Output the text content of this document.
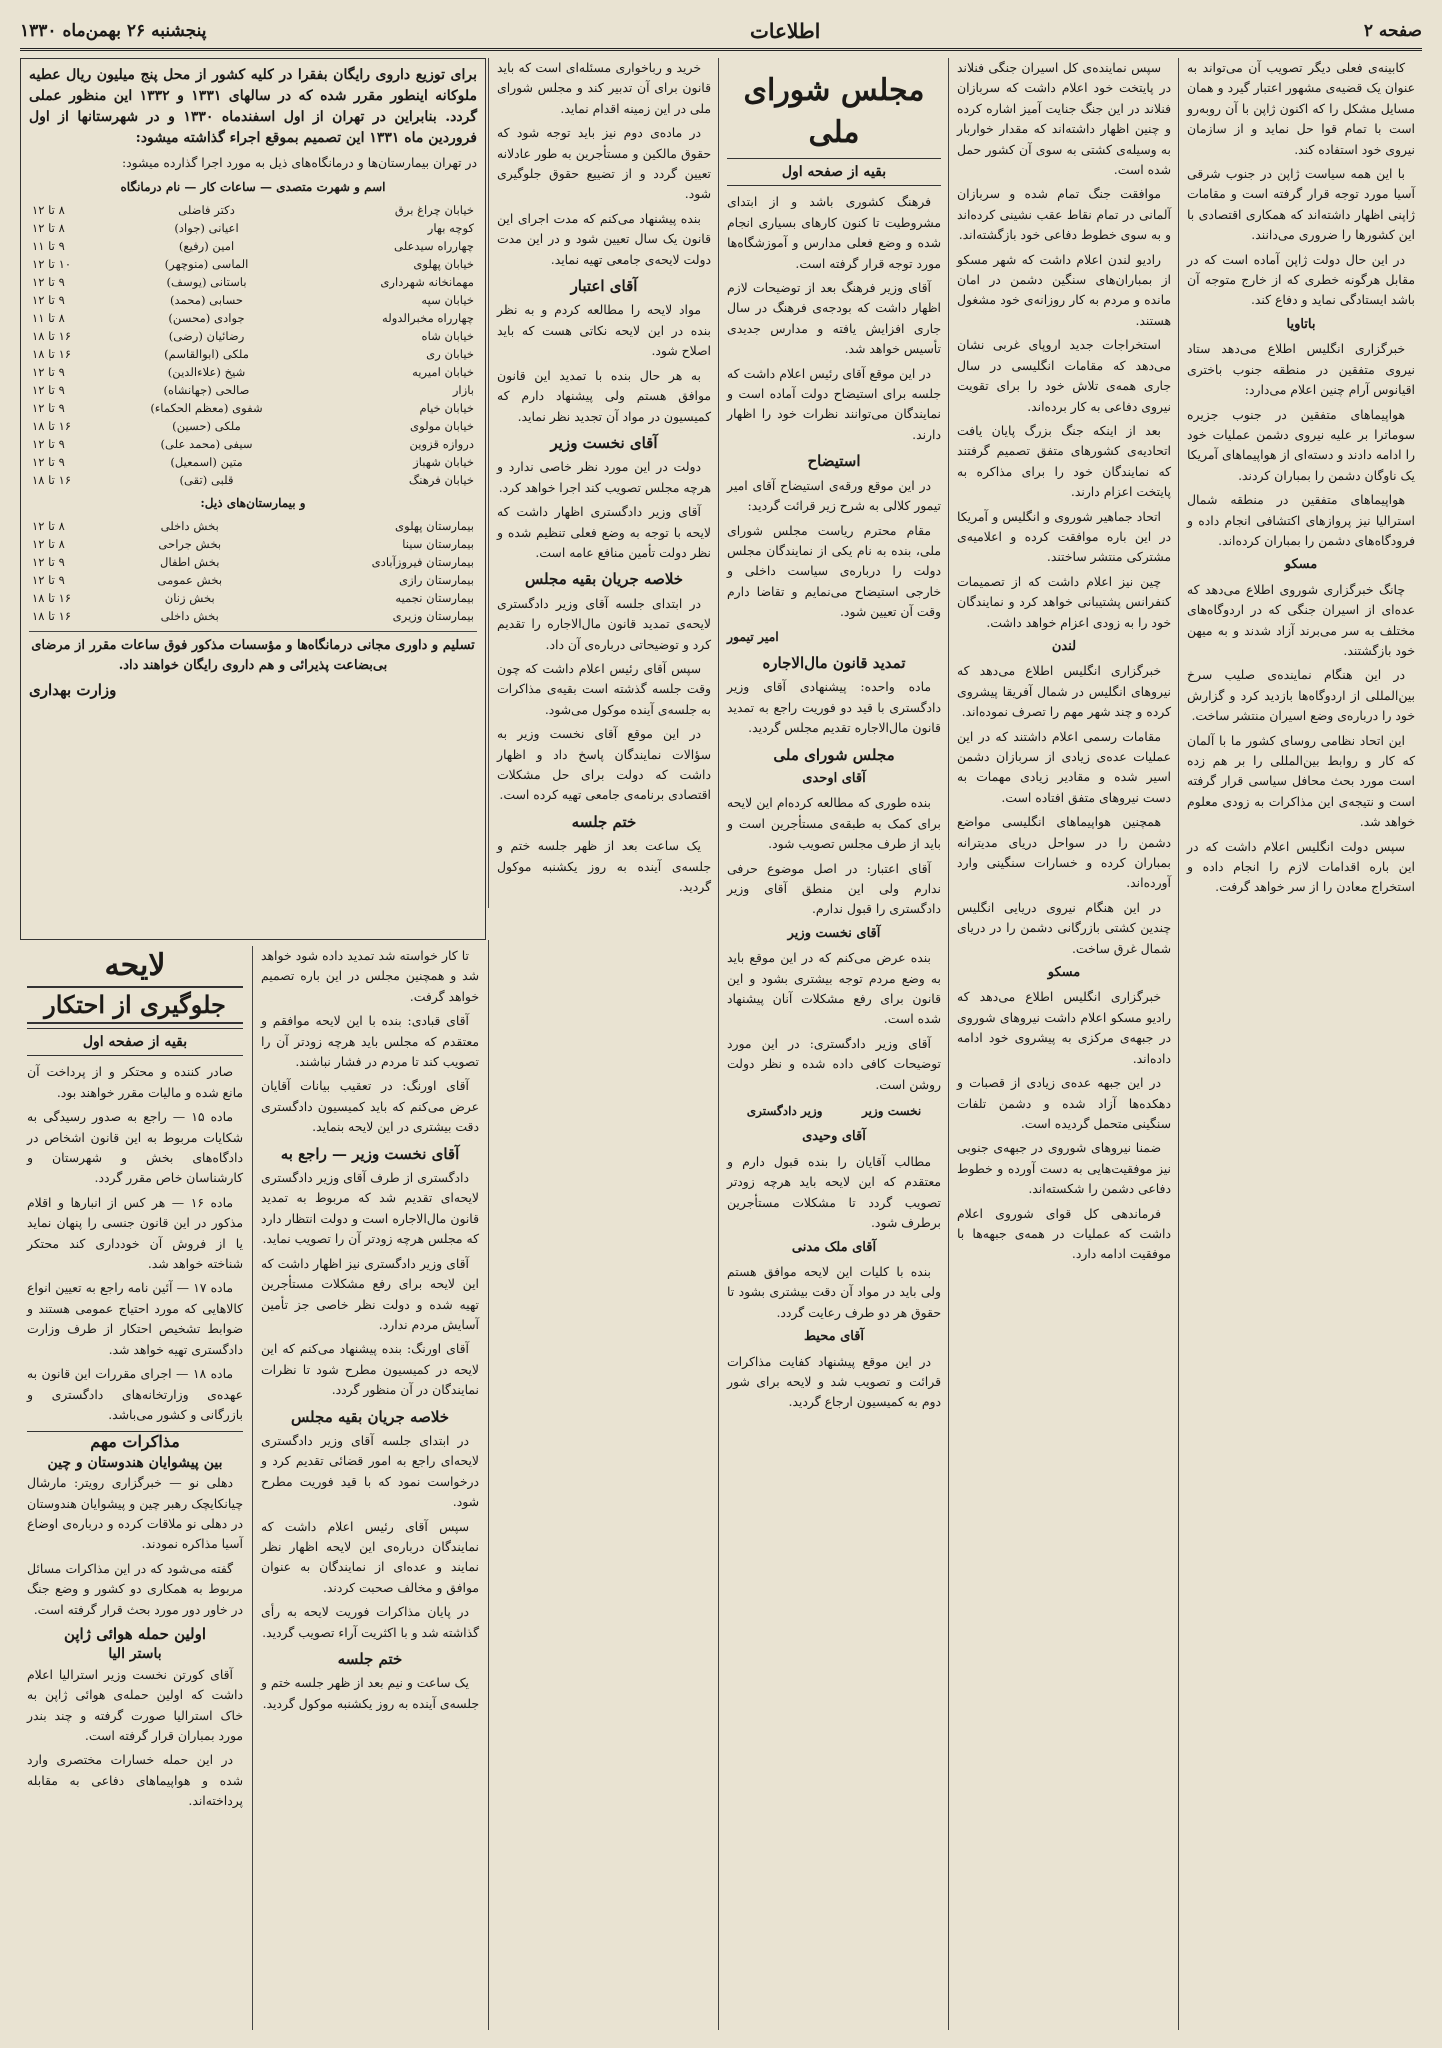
صفحه ۲
اطلاعات
پنجشنبه ۲۶ بهمن‌ماه ۱۳۳۰

کابینه‌ی فعلی دیگر تصویب آن می‌تواند به عنوان یک قضیه‌ی مشهور اعتبار گیرد و همان مسایل مشکل را که اکنون ژاپن با آن روبه‌رو است با تمام قوا حل نماید و از سازمان نیروی خود استفاده کند.

با این همه سیاست ژاپن در جنوب شرقی آسیا مورد توجه قرار گرفته است و مقامات ژاپنی اظهار داشته‌اند که همکاری اقتصادی با این کشورها را ضروری می‌دانند.

در این حال دولت ژاپن آماده است که در مقابل هرگونه خطری که از خارج متوجه آن باشد ایستادگی نماید و دفاع کند.

باتاویا

خبرگزاری انگلیس اطلاع می‌دهد ستاد نیروی متفقین در منطقه جنوب باختری اقیانوس آرام چنین اعلام می‌دارد:

هواپیماهای متفقین در جنوب جزیره سوماترا بر علیه نیروی دشمن عملیات خود را ادامه دادند و دسته‌ای از هواپیماهای آمریکا یک ناوگان دشمن را بمباران کردند.

هواپیماهای متفقین در منطقه شمال استرالیا نیز پروازهای اکتشافی انجام داده و فرودگاه‌های دشمن را بمباران کرده‌اند.

مسکو

چانگ خبرگزاری شوروی اطلاع می‌دهد که عده‌ای از اسیران جنگی که در اردوگاه‌های مختلف به سر می‌برند آزاد شدند و به میهن خود بازگشتند.

در این هنگام نماینده‌ی صلیب سرخ بین‌المللی از اردوگاه‌ها بازدید کرد و گزارش خود را درباره‌ی وضع اسیران منتشر ساخت.

این اتحاد نظامی روسای کشور ما با آلمان که کار و روابط بین‌المللی را بر هم زده است مورد بحث محافل سیاسی قرار گرفته است و نتیجه‌ی این مذاکرات به زودی معلوم خواهد شد.

سپس دولت انگلیس اعلام داشت که در این باره اقدامات لازم را انجام داده و استخراج معادن را از سر خواهد گرفت.

سپس نماینده‌ی کل اسیران جنگی فنلاند در پایتخت خود اعلام داشت که سربازان فنلاند در این جنگ جنایت آمیز اشاره کرده و چنین اظهار داشته‌اند که مقدار خواربار به وسیله‌ی کشتی به سوی آن کشور حمل شده است.

موافقت جنگ تمام شده و سربازان آلمانی در تمام نقاط عقب نشینی کرده‌اند و به سوی خطوط دفاعی خود بازگشته‌اند.

رادیو لندن اعلام داشت که شهر مسکو از بمباران‌های سنگین دشمن در امان مانده و مردم به کار روزانه‌ی خود مشغول هستند.

استخراجات جدید اروپای غربی نشان می‌دهد که مقامات انگلیسی در سال جاری همه‌ی تلاش خود را برای تقویت نیروی دفاعی به کار برده‌اند.

بعد از اینکه جنگ بزرگ پایان یافت اتحادیه‌ی کشورهای متفق تصمیم گرفتند که نمایندگان خود را برای مذاکره به پایتخت اعزام دارند.

اتحاد جماهیر شوروی و انگلیس و آمریکا در این باره موافقت کرده و اعلامیه‌ی مشترکی منتشر ساختند.

چین نیز اعلام داشت که از تصمیمات کنفرانس پشتیبانی خواهد کرد و نمایندگان خود را به زودی اعزام خواهد داشت.

لندن

خبرگزاری انگلیس اطلاع می‌دهد که نیروهای انگلیس در شمال آفریقا پیشروی کرده و چند شهر مهم را تصرف نموده‌اند.

مقامات رسمی اعلام داشتند که در این عملیات عده‌ی زیادی از سربازان دشمن اسیر شده و مقادیر زیادی مهمات به دست نیروهای متفق افتاده است.

همچنین هواپیماهای انگلیسی مواضع دشمن را در سواحل دریای مدیترانه بمباران کرده و خسارات سنگینی وارد آورده‌اند.

در این هنگام نیروی دریایی انگلیس چندین کشتی بازرگانی دشمن را در دریای شمال غرق ساخت.

مسکو

خبرگزاری انگلیس اطلاع می‌دهد که رادیو مسکو اعلام داشت نیروهای شوروی در جبهه‌ی مرکزی به پیشروی خود ادامه داده‌اند.

در این جبهه عده‌ی زیادی از قصبات و دهکده‌ها آزاد شده و دشمن تلفات سنگینی متحمل گردیده است.

ضمنا نیروهای شوروی در جبهه‌ی جنوبی نیز موفقیت‌هایی به دست آورده و خطوط دفاعی دشمن را شکسته‌اند.

فرماندهی کل قوای شوروی اعلام داشت که عملیات در همه‌ی جبهه‌ها با موفقیت ادامه دارد.

مجلس شورای ملی
بقیه از صفحه اول

فرهنگ کشوری باشد و از ابتدای مشروطیت تا کنون کارهای بسیاری انجام شده و وضع فعلی مدارس و آموزشگاه‌ها مورد توجه قرار گرفته است.

آقای وزیر فرهنگ بعد از توضیحات لازم اظهار داشت که بودجه‌ی فرهنگ در سال جاری افزایش یافته و مدارس جدیدی تأسیس خواهد شد.

در این موقع آقای رئیس اعلام داشت که جلسه برای استیضاح دولت آماده است و نمایندگان می‌توانند نظرات خود را اظهار دارند.

استیضاح

در این موقع ورقه‌ی استیضاح آقای امیر تیمور کلالی به شرح زیر قرائت گردید:

مقام محترم ریاست مجلس شورای ملی، بنده به نام یکی از نمایندگان مجلس دولت را درباره‌ی سیاست داخلی و خارجی استیضاح می‌نمایم و تقاضا دارم وقت آن تعیین شود.

امیر تیمور

تمدید قانون مال‌الاجاره

ماده واحده: پیشنهادی آقای وزیر دادگستری با قید دو فوریت راجع به تمدید قانون مال‌الاجاره تقدیم مجلس گردید.

مجلس شورای ملی
آقای اوحدی

بنده طوری که مطالعه کرده‌ام این لایحه برای کمک به طبقه‌ی مستأجرین است و باید از طرف مجلس تصویب شود.

آقای اعتبار: در اصل موضوع حرفی ندارم ولی این منطق آقای وزیر دادگستری را قبول ندارم.

آقای نخست وزیر

بنده عرض می‌کنم که در این موقع باید به وضع مردم توجه بیشتری بشود و این قانون برای رفع مشکلات آنان پیشنهاد شده است.

آقای وزیر دادگستری: در این مورد توضیحات کافی داده شده و نظر دولت روشن است.

نخست وزیر
وزیر دادگستری
آقای وحیدی

مطالب آقایان را بنده قبول دارم و معتقدم که این لایحه باید هرچه زودتر تصویب گردد تا مشکلات مستأجرین برطرف شود.

آقای ملک مدنی

بنده با کلیات این لایحه موافق هستم ولی باید در مواد آن دقت بیشتری بشود تا حقوق هر دو طرف رعایت گردد.

آقای محیط

در این موقع پیشنهاد کفایت مذاکرات قرائت و تصویب شد و لایحه برای شور دوم به کمیسیون ارجاع گردید.

خرید و رباخواری مسئله‌ای است که باید قانون برای آن تدبیر کند و مجلس شورای ملی در این زمینه اقدام نماید.

در ماده‌ی دوم نیز باید توجه شود که حقوق مالکین و مستأجرین به طور عادلانه تعیین گردد و از تضییع حقوق جلوگیری شود.

بنده پیشنهاد می‌کنم که مدت اجرای این قانون یک سال تعیین شود و در این مدت دولت لایحه‌ی جامعی تهیه نماید.

آقای اعتبار

مواد لایحه را مطالعه کردم و به نظر بنده در این لایحه نکاتی هست که باید اصلاح شود.

به هر حال بنده با تمدید این قانون موافق هستم ولی پیشنهاد دارم که کمیسیون در مواد آن تجدید نظر نماید.

آقای نخست وزیر

دولت در این مورد نظر خاصی ندارد و هرچه مجلس تصویب کند اجرا خواهد کرد.

آقای وزیر دادگستری اظهار داشت که لایحه با توجه به وضع فعلی تنظیم شده و نظر دولت تأمین منافع عامه است.

خلاصه جریان بقیه مجلس

در ابتدای جلسه آقای وزیر دادگستری لایحه‌ی تمدید قانون مال‌الاجاره را تقدیم کرد و توضیحاتی درباره‌ی آن داد.

سپس آقای رئیس اعلام داشت که چون وقت جلسه گذشته است بقیه‌ی مذاکرات به جلسه‌ی آینده موکول می‌شود.

در این موقع آقای نخست وزیر به سؤالات نمایندگان پاسخ داد و اظهار داشت که دولت برای حل مشکلات اقتصادی برنامه‌ی جامعی تهیه کرده است.

ختم جلسه

یک ساعت بعد از ظهر جلسه ختم و جلسه‌ی آینده به روز یکشنبه موکول گردید.

برای توزیع داروی رایگان بفقرا در کلیه کشور از محل پنج میلیون ریال عطیه ملوکانه اینطور مقرر شده که در سالهای ۱۳۳۱ و ۱۳۳۲ این منظور عملی گردد. بنابراین در تهران از اول اسفندماه ۱۳۳۰ و در شهرستانها از اول فروردین ماه ۱۳۳۱ این تصمیم بموقع اجراء گذاشته میشود:
در تهران بیمارستان‌ها و درمانگاه‌های ذیل به مورد اجرا گذارده میشود:
اسم و شهرت متصدی — ساعات کار — نام درمانگاه
خیابان چراغ برق	دکتر فاضلی	۸ تا ۱۲
کوچه بهار	اعیانی (جواد)	۸ تا ۱۲
چهارراه سیدعلی	امین (رفیع)	۹ تا ۱۱
خیابان پهلوی	الماسی (منوچهر)	۱۰ تا ۱۲
مهمانخانه شهرداری	باستانی (یوسف)	۹ تا ۱۲
خیابان سپه	حسابی (محمد)	۹ تا ۱۲
چهارراه مخبرالدوله	جوادی (محسن)	۸ تا ۱۱
خیابان شاه	رضائیان (رضی)	۱۶ تا ۱۸
خیابان ری	ملکی (ابوالقاسم)	۱۶ تا ۱۸
خیابان امیریه	شیخ (علاءالدین)	۹ تا ۱۲
بازار	صالحی (جهانشاه)	۹ تا ۱۲
خیابان خیام	شفوی (معظم الحکماء)	۹ تا ۱۲
خیابان مولوی	ملکی (حسین)	۱۶ تا ۱۸
دروازه قزوین	سیفی (محمد علی)	۹ تا ۱۲
خیابان شهباز	متین (اسمعیل)	۹ تا ۱۲
خیابان فرهنگ	قلبی (تقی)	۱۶ تا ۱۸
و بیمارستان‌های ذیل:
بیمارستان پهلوی	بخش داخلی	۸ تا ۱۲
بیمارستان سینا	بخش جراحی	۸ تا ۱۲
بیمارستان فیروزآبادی	بخش اطفال	۹ تا ۱۲
بیمارستان رازی	بخش عمومی	۹ تا ۱۲
بیمارستان نجمیه	بخش زنان	۱۶ تا ۱۸
بیمارستان وزیری	بخش داخلی	۱۶ تا ۱۸
تسلیم و داوری مجانی درمانگاه‌ها و مؤسسات مذکور فوق ساعات مقرر از مرضای بی‌بضاعت پذیرائی و هم داروی رایگان خواهند داد.
وزارت بهداری
لایحه
جلوگیری از احتکار
بقیه از صفحه اول

صادر کننده و محتکر و از پرداخت آن مانع شده و مالیات مقرر خواهند بود.

ماده ۱۵ — راجع به صدور رسیدگی به شکایات مربوط به این قانون اشخاص در دادگاه‌های بخش و شهرستان و کارشناسان خاص مقرر گردد.

ماده ۱۶ — هر کس از انبارها و اقلام مذکور در این قانون جنسی را پنهان نماید یا از فروش آن خودداری کند محتکر شناخته خواهد شد.

ماده ۱۷ — آئین نامه راجع به تعیین انواع کالاهایی که مورد احتیاج عمومی هستند و ضوابط تشخیص احتکار از طرف وزارت دادگستری تهیه خواهد شد.

ماده ۱۸ — اجرای مقررات این قانون به عهده‌ی وزارتخانه‌های دادگستری و بازرگانی و کشور می‌باشد.

مذاکرات مهم
بین پیشوایان هندوستان و چین

دهلی نو — خبرگزاری رویتر: مارشال چیانکایچک رهبر چین و پیشوایان هندوستان در دهلی نو ملاقات کرده و درباره‌ی اوضاع آسیا مذاکره نمودند.

گفته می‌شود که در این مذاکرات مسائل مربوط به همکاری دو کشور و وضع جنگ در خاور دور مورد بحث قرار گرفته است.

اولین حمله هوائی ژاپن
باستر الیا

آقای کورتن نخست وزیر استرالیا اعلام داشت که اولین حمله‌ی هوائی ژاپن به خاک استرالیا صورت گرفته و چند بندر مورد بمباران قرار گرفته است.

در این حمله خسارات مختصری وارد شده و هواپیماهای دفاعی به مقابله پرداخته‌اند.

تا کار خواسته شد تمدید داده شود خواهد شد و همچنین مجلس در این باره تصمیم خواهد گرفت.

آقای قبادی: بنده با این لایحه موافقم و معتقدم که مجلس باید هرچه زودتر آن را تصویب کند تا مردم در فشار نباشند.

آقای اورنگ: در تعقیب بیانات آقایان عرض می‌کنم که باید کمیسیون دادگستری دقت بیشتری در این لایحه بنماید.

آقای نخست وزیر — راجع به

دادگستری از طرف آقای وزیر دادگستری لایحه‌ای تقدیم شد که مربوط به تمدید قانون مال‌الاجاره است و دولت انتظار دارد که مجلس هرچه زودتر آن را تصویب نماید.

آقای وزیر دادگستری نیز اظهار داشت که این لایحه برای رفع مشکلات مستأجرین تهیه شده و دولت نظر خاصی جز تأمین آسایش مردم ندارد.

آقای اورنگ: بنده پیشنهاد می‌کنم که این لایحه در کمیسیون مطرح شود تا نظرات نمایندگان در آن منظور گردد.

خلاصه جریان بقیه مجلس

در ابتدای جلسه آقای وزیر دادگستری لایحه‌ای راجع به امور قضائی تقدیم کرد و درخواست نمود که با قید فوریت مطرح شود.

سپس آقای رئیس اعلام داشت که نمایندگان درباره‌ی این لایحه اظهار نظر نمایند و عده‌ای از نمایندگان به عنوان موافق و مخالف صحبت کردند.

در پایان مذاکرات فوریت لایحه به رأی گذاشته شد و با اکثریت آراء تصویب گردید.

ختم جلسه

یک ساعت و نیم بعد از ظهر جلسه ختم و جلسه‌ی آینده به روز یکشنبه موکول گردید.
